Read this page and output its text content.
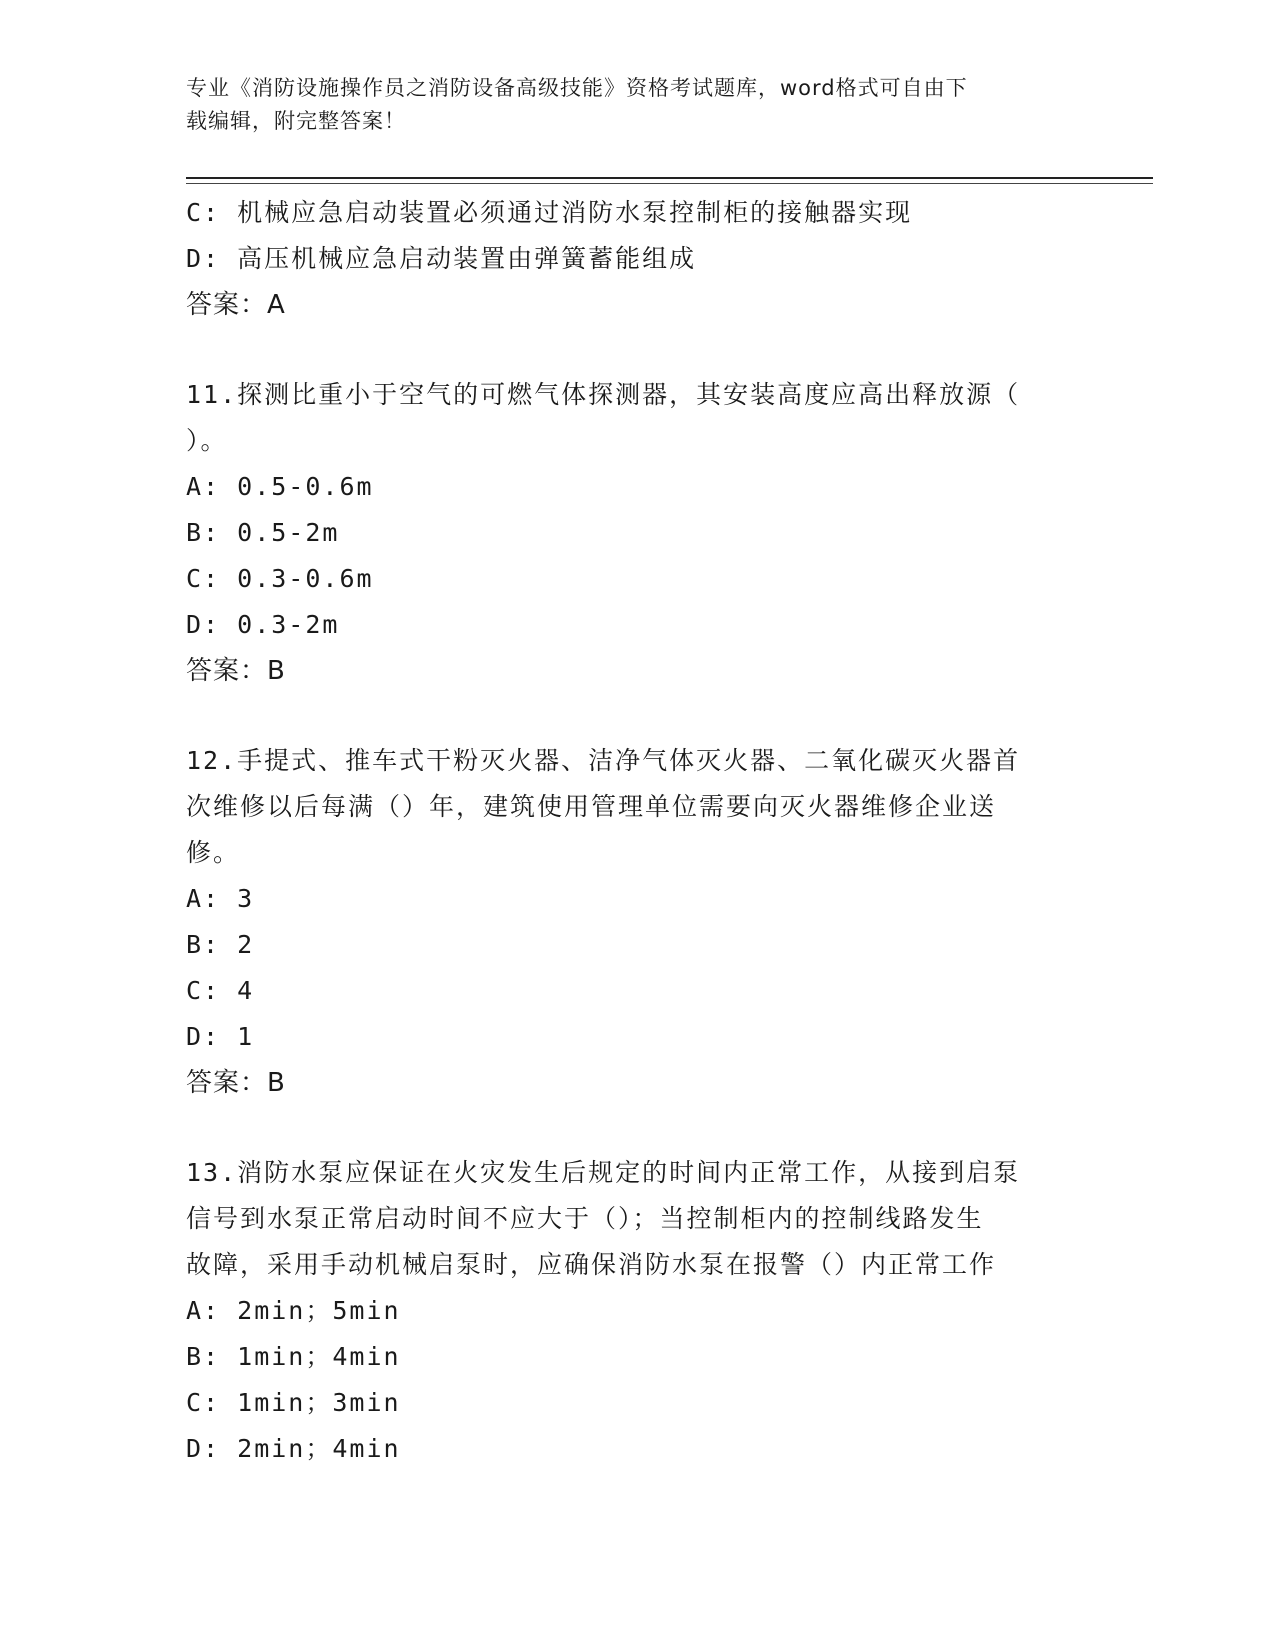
专业《消防设施操作员之消防设备高级技能》资格考试题库，word格式可自由下
载编辑，附完整答案！
C: 机械应急启动装置必须通过消防水泵控制柜的接触器实现
D: 高压机械应急启动装置由弹簧蓄能组成
答案：A
11.探测比重小于空气的可燃气体探测器，其安装高度应高出释放源（
）。
A: 0.5-0.6m
B: 0.5-2m
C: 0.3-0.6m
D: 0.3-2m
答案：B
12.手提式、推车式干粉灭火器、洁净气体灭火器、二氧化碳灭火器首
次维修以后每满（）年，建筑使用管理单位需要向灭火器维修企业送
修。
A: 3
B: 2
C: 4
D: 1
答案：B
13.消防水泵应保证在火灾发生后规定的时间内正常工作，从接到启泵
信号到水泵正常启动时间不应大于（）；当控制柜内的控制线路发生
故障，采用手动机械启泵时，应确保消防水泵在报警（）内正常工作
A: 2min；5min
B: 1min；4min
C: 1min；3min
D: 2min；4min
